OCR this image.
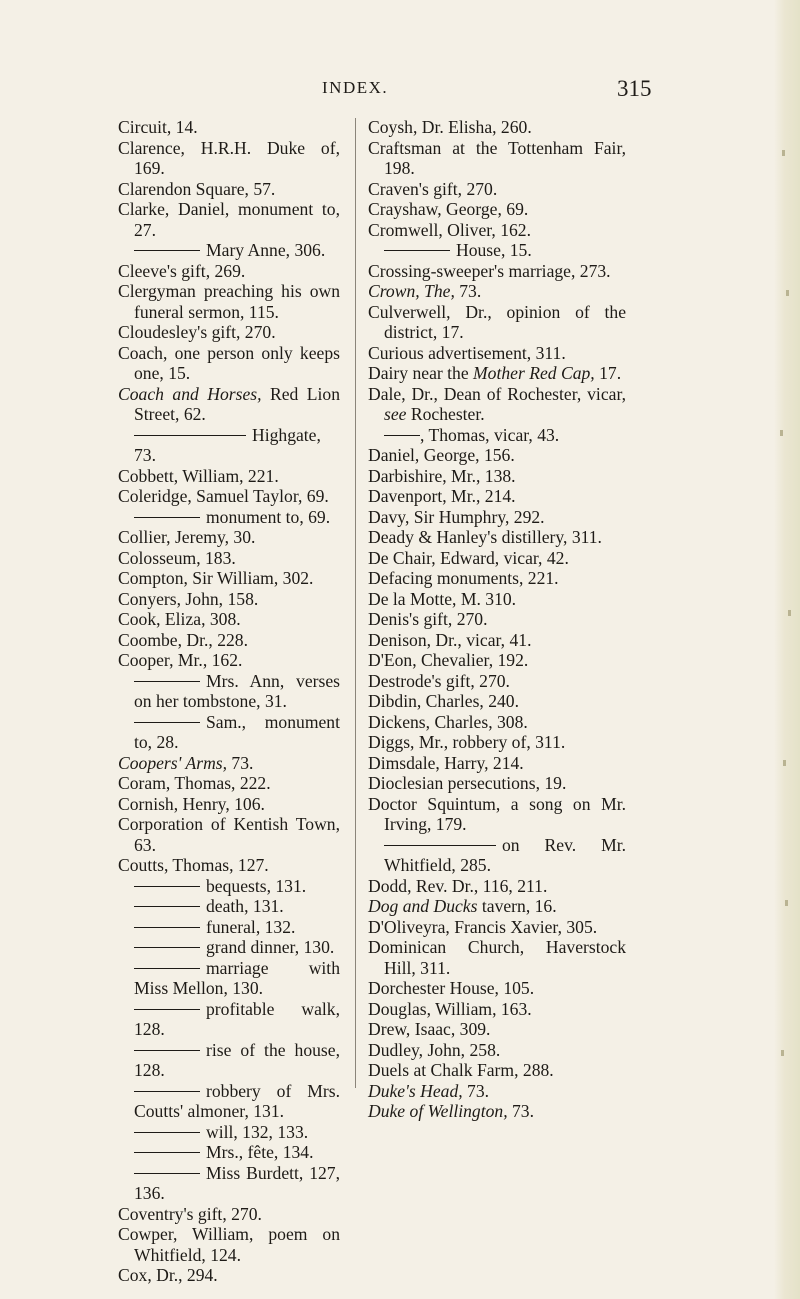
INDEX.	315
Circuit, 14.
Clarence, H.R.H. Duke of, 169.
Clarendon Square, 57.
Clarke, Daniel, monument to, 27.
Mary Anne, 306.
Cleeve's gift, 269.
Clergyman preaching his own funeral sermon, 115.
Cloudesley's gift, 270.
Coach, one person only keeps one, 15.
Coach and Horses, Red Lion Street, 62.
Highgate, 73.
Cobbett, William, 221.
Coleridge, Samuel Taylor, 69.
monument to, 69.
Collier, Jeremy, 30.
Colosseum, 183.
Compton, Sir William, 302.
Conyers, John, 158.
Cook, Eliza, 308.
Coombe, Dr., 228.
Cooper, Mr., 162.
Mrs. Ann, verses on her tombstone, 31.
Sam., monument to, 28.
Coopers' Arms, 73.
Coram, Thomas, 222.
Cornish, Henry, 106.
Corporation of Kentish Town, 63.
Coutts, Thomas, 127.
bequests, 131.
death, 131.
funeral, 132.
grand dinner, 130.
marriage with Miss Mellon, 130.
profitable walk, 128.
rise of the house, 128.
robbery of Mrs. Coutts' almoner, 131.
will, 132, 133.
Mrs., fête, 134.
Miss Burdett, 127, 136.
Coventry's gift, 270.
Cowper, William, poem on Whitfield, 124.
Cox, Dr., 294.
Coysh, Dr. Elisha, 260.
Craftsman at the Tottenham Fair, 198.
Craven's gift, 270.
Crayshaw, George, 69.
Cromwell, Oliver, 162.
House, 15.
Crossing-sweeper's marriage, 273.
Crown, The, 73.
Culverwell, Dr., opinion of the district, 17.
Curious advertisement, 311.
Dairy near the Mother Red Cap, 17.
Dale, Dr., Dean of Rochester, vicar, see Rochester.
, Thomas, vicar, 43.
Daniel, George, 156.
Darbishire, Mr., 138.
Davenport, Mr., 214.
Davy, Sir Humphry, 292.
Deady & Hanley's distillery, 311.
De Chair, Edward, vicar, 42.
Defacing monuments, 221.
De la Motte, M. 310.
Denis's gift, 270.
Denison, Dr., vicar, 41.
D'Eon, Chevalier, 192.
Destrode's gift, 270.
Dibdin, Charles, 240.
Dickens, Charles, 308.
Diggs, Mr., robbery of, 311.
Dimsdale, Harry, 214.
Dioclesian persecutions, 19.
Doctor Squintum, a song on Mr. Irving, 179.
on Rev. Mr. Whitfield, 285.
Dodd, Rev. Dr., 116, 211.
Dog and Ducks tavern, 16.
D'Oliveyra, Francis Xavier, 305.
Dominican Church, Haverstock Hill, 311.
Dorchester House, 105.
Douglas, William, 163.
Drew, Isaac, 309.
Dudley, John, 258.
Duels at Chalk Farm, 288.
Duke's Head, 73.
Duke of Wellington, 73.
